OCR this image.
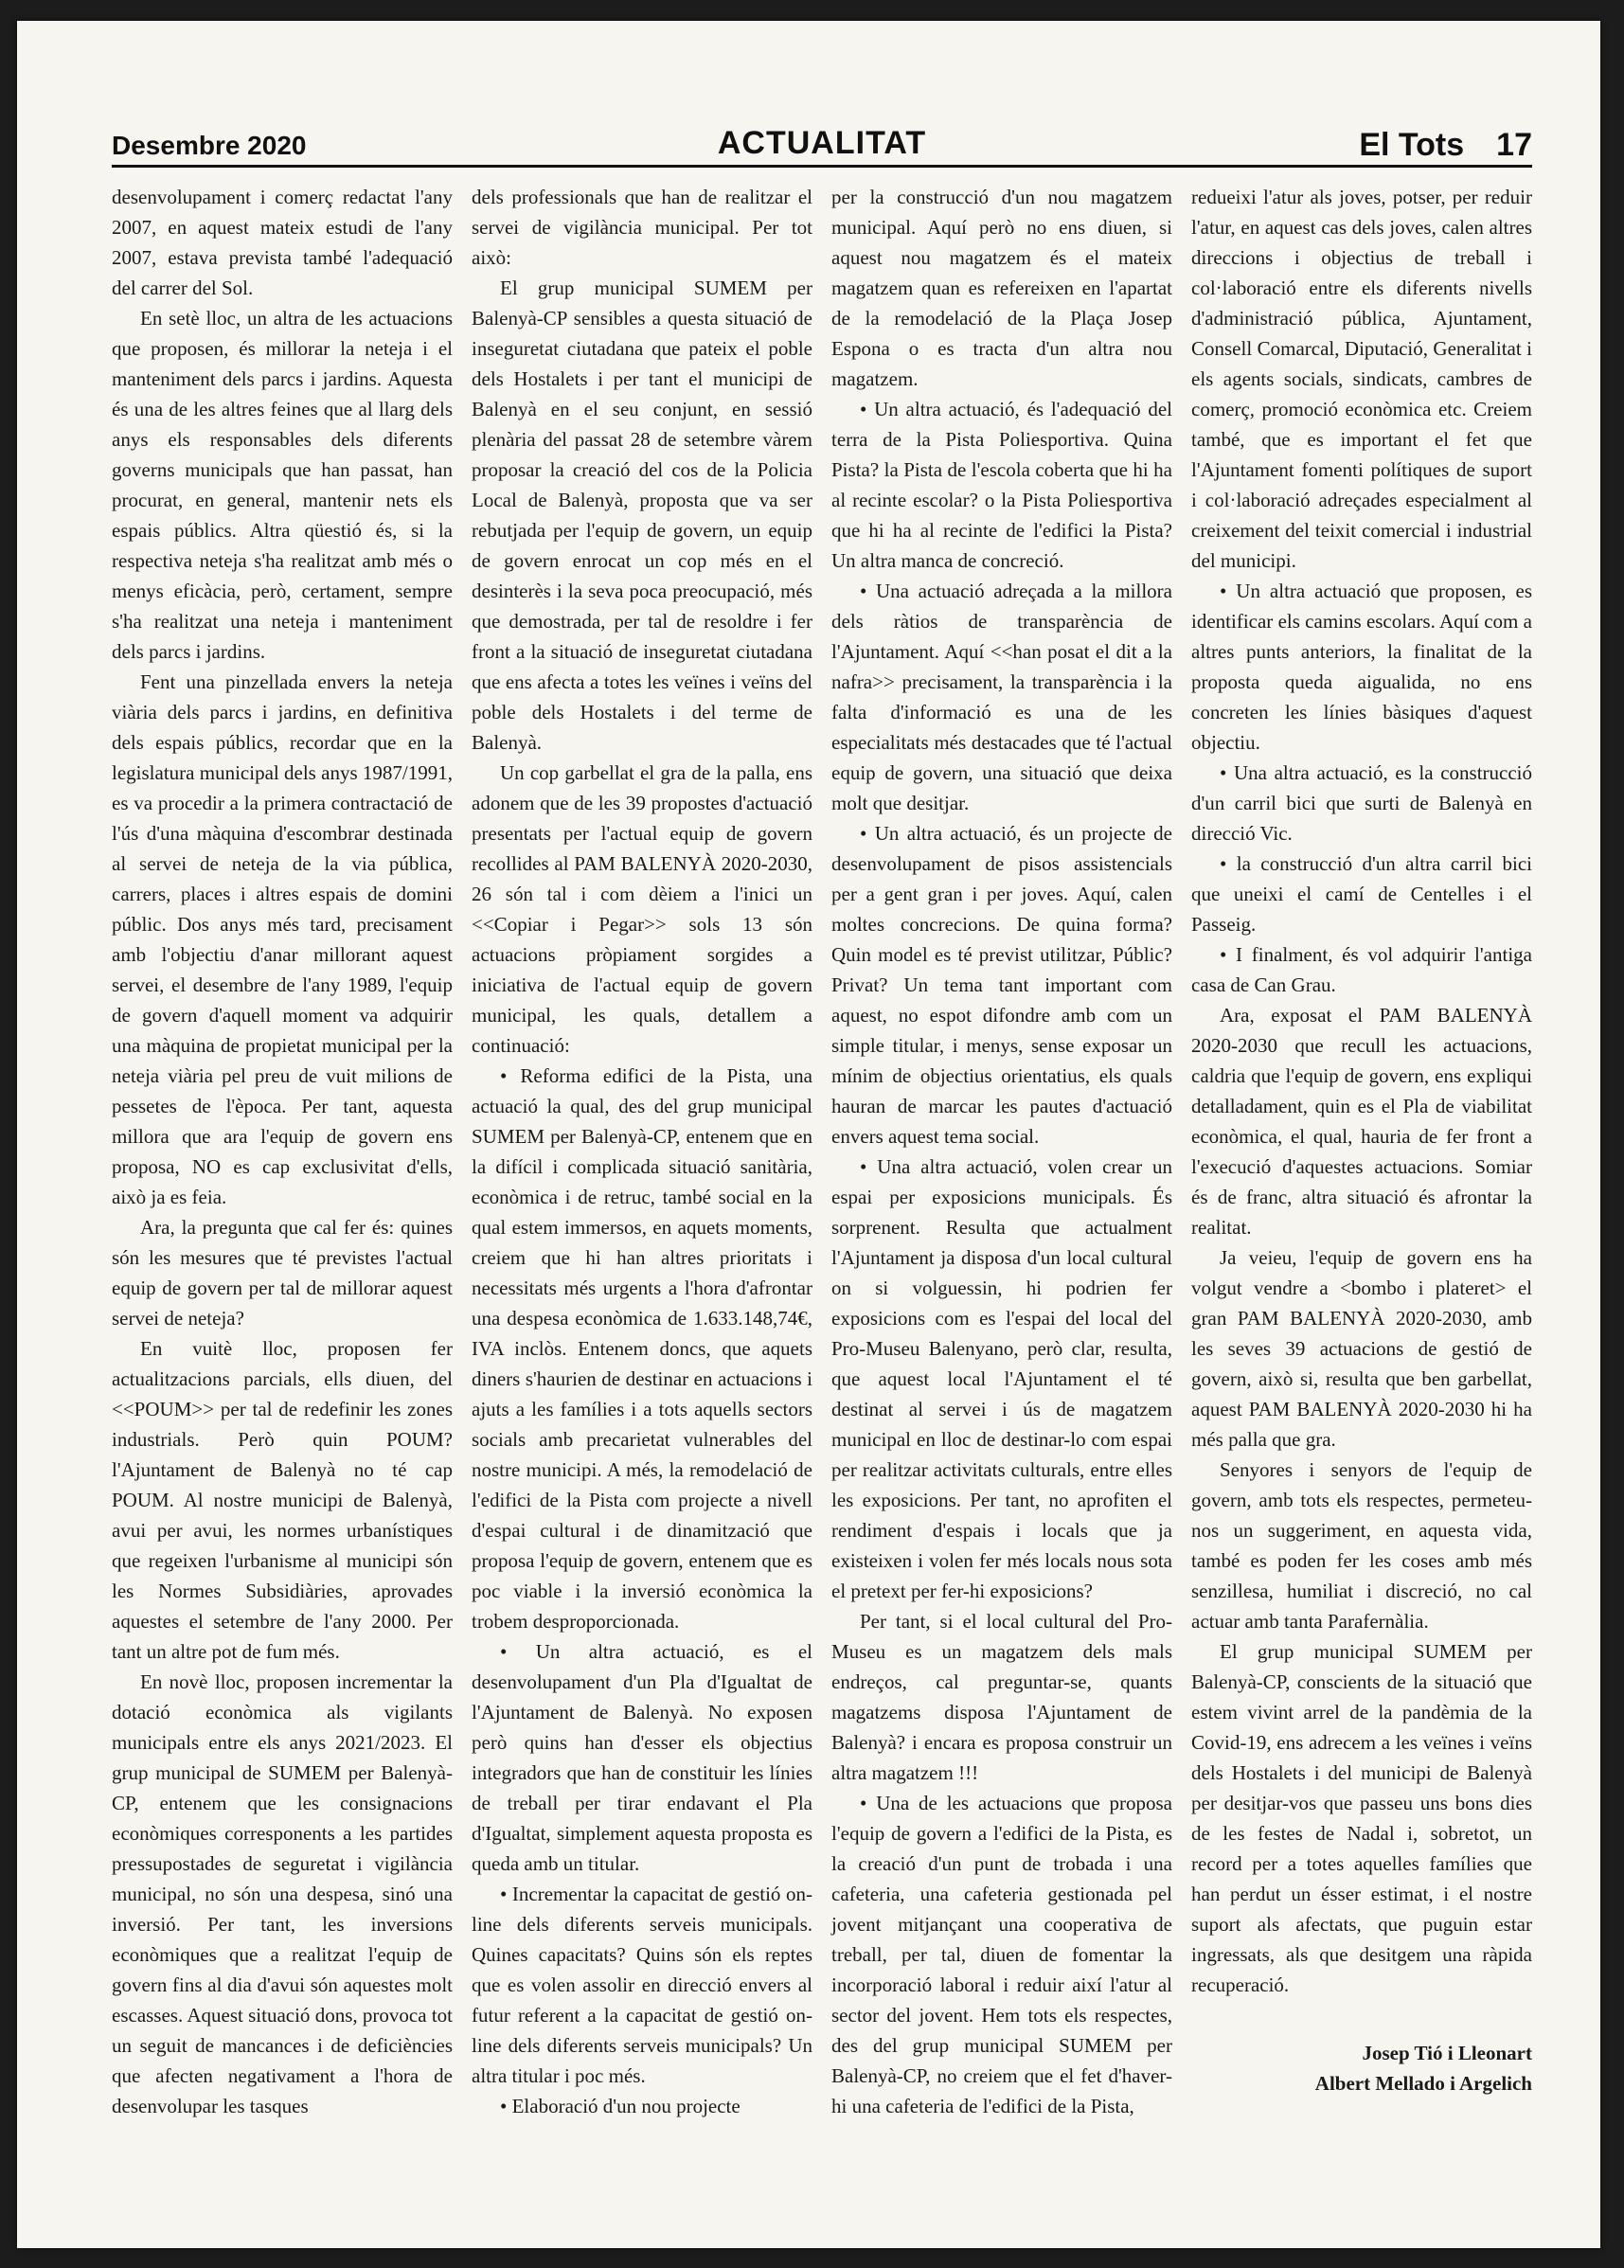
Desembre 2020	ACTUALITAT	El Tots 17

desenvolupament i comerç redactat l'any 2007, en aquest mateix estudi de l'any 2007, estava prevista també l'adequació del carrer del Sol.

En setè lloc, un altra de les actuacions que proposen, és millorar la neteja i el manteniment dels parcs i jardins. Aquesta és una de les altres feines que al llarg dels anys els responsables dels diferents governs municipals que han passat, han procurat, en general, mantenir nets els espais públics. Altra qüestió és, si la respectiva neteja s'ha realitzat amb més o menys eficàcia, però, certament, sempre s'ha realitzat una neteja i manteniment dels parcs i jardins.

Fent una pinzellada envers la neteja viària dels parcs i jardins, en definitiva dels espais públics, recordar que en la legislatura municipal dels anys 1987/1991, es va procedir a la primera contractació de l'ús d'una màquina d'escombrar destinada al servei de neteja de la via pública, carrers, places i altres espais de domini públic. Dos anys més tard, precisament amb l'objectiu d'anar millorant aquest servei, el desembre de l'any 1989, l'equip de govern d'aquell moment va adquirir una màquina de propietat municipal per la neteja viària pel preu de vuit milions de pessetes de l'època. Per tant, aquesta millora que ara l'equip de govern ens proposa, NO es cap exclusivitat d'ells, això ja es feia.

Ara, la pregunta que cal fer és: quines són les mesures que té previstes l'actual equip de govern per tal de millorar aquest servei de neteja?

En vuitè lloc, proposen fer actualitzacions parcials, ells diuen, del <<POUM>> per tal de redefinir les zones industrials. Però quin POUM? l'Ajuntament de Balenyà no té cap POUM. Al nostre municipi de Balenyà, avui per avui, les normes urbanístiques que regeixen l'urbanisme al municipi són les Normes Subsidiàries, aprovades aquestes el setembre de l'any 2000. Per tant un altre pot de fum més.

En novè lloc, proposen incrementar la dotació econòmica als vigilants municipals entre els anys 2021/2023. El grup municipal de SUMEM per Balenyà-CP, entenem que les consignacions econòmiques corresponents a les partides pressupostades de seguretat i vigilància municipal, no són una despesa, sinó una inversió. Per tant, les inversions econòmiques que a realitzat l'equip de govern fins al dia d'avui són aquestes molt escasses. Aquest situació dons, provoca tot un seguit de mancances i de deficiències que afecten negativament a l'hora de desenvolupar les tasques

dels professionals que han de realitzar el servei de vigilància municipal. Per tot això:

El grup municipal SUMEM per Balenyà-CP sensibles a questa situació de inseguretat ciutadana que pateix el poble dels Hostalets i per tant el municipi de Balenyà en el seu conjunt, en sessió plenària del passat 28 de setembre vàrem proposar la creació del cos de la Policia Local de Balenyà, proposta que va ser rebutjada per l'equip de govern, un equip de govern enrocat un cop més en el desinterès i la seva poca preocupació, més que demostrada, per tal de resoldre i fer front a la situació de inseguretat ciutadana que ens afecta a totes les veïnes i veïns del poble dels Hostalets i del terme de Balenyà.

Un cop garbellat el gra de la palla, ens adonem que de les 39 propostes d'actuació presentats per l'actual equip de govern recollides al PAM BALENYÀ 2020-2030, 26 són tal i com dèiem a l'inici un <<Copiar i Pegar>> sols 13 són actuacions pròpiament sorgides a iniciativa de l'actual equip de govern municipal, les quals, detallem a continuació:

• Reforma edifici de la Pista, una actuació la qual, des del grup municipal SUMEM per Balenyà-CP, entenem que en la difícil i complicada situació sanitària, econòmica i de retruc, també social en la qual estem immersos, en aquets moments, creiem que hi han altres prioritats i necessitats més urgents a l'hora d'afrontar una despesa econòmica de 1.633.148,74€, IVA inclòs. Entenem doncs, que aquets diners s'haurien de destinar en actuacions i ajuts a les famílies i a tots aquells sectors socials amb precarietat vulnerables del nostre municipi. A més, la remodelació de l'edifici de la Pista com projecte a nivell d'espai cultural i de dinamització que proposa l'equip de govern, entenem que es poc viable i la inversió econòmica la trobem desproporcionada.

• Un altra actuació, es el desenvolupament d'un Pla d'Igualtat de l'Ajuntament de Balenyà. No exposen però quins han d'esser els objectius integradors que han de constituir les línies de treball per tirar endavant el Pla d'Igualtat, simplement aquesta proposta es queda amb un titular.

• Incrementar la capacitat de gestió on-line dels diferents serveis municipals. Quines capacitats? Quins són els reptes que es volen assolir en direcció envers al futur referent a la capacitat de gestió on-line dels diferents serveis municipals? Un altra titular i poc més.

• Elaboració d'un nou projecte

per la construcció d'un nou magatzem municipal. Aquí però no ens diuen, si aquest nou magatzem és el mateix magatzem quan es refereixen en l'apartat de la remodelació de la Plaça Josep Espona o es tracta d'un altra nou magatzem.

• Un altra actuació, és l'adequació del terra de la Pista Poliesportiva. Quina Pista? la Pista de l'escola coberta que hi ha al recinte escolar? o la Pista Poliesportiva que hi ha al recinte de l'edifici la Pista? Un altra manca de concreció.

• Una actuació adreçada a la millora dels ràtios de transparència de l'Ajuntament. Aquí <<han posat el dit a la nafra>> precisament, la transparència i la falta d'informació es una de les especialitats més destacades que té l'actual equip de govern, una situació que deixa molt que desitjar.

• Un altra actuació, és un projecte de desenvolupament de pisos assistencials per a gent gran i per joves. Aquí, calen moltes concrecions. De quina forma? Quin model es té previst utilitzar, Públic? Privat? Un tema tant important com aquest, no espot difondre amb com un simple titular, i menys, sense exposar un mínim de objectius orientatius, els quals hauran de marcar les pautes d'actuació envers aquest tema social.

• Una altra actuació, volen crear un espai per exposicions municipals. És sorprenent. Resulta que actualment l'Ajuntament ja disposa d'un local cultural on si volguessin, hi podrien fer exposicions com es l'espai del local del Pro-Museu Balenyano, però clar, resulta, que aquest local l'Ajuntament el té destinat al servei i ús de magatzem municipal en lloc de destinar-lo com espai per realitzar activitats culturals, entre elles les exposicions. Per tant, no aprofiten el rendiment d'espais i locals que ja existeixen i volen fer més locals nous sota el pretext per fer-hi exposicions?

Per tant, si el local cultural del Pro-Museu es un magatzem dels mals endreços, cal preguntar-se, quants magatzems disposa l'Ajuntament de Balenyà? i encara es proposa construir un altra magatzem !!!

• Una de les actuacions que proposa l'equip de govern a l'edifici de la Pista, es la creació d'un punt de trobada i una cafeteria, una cafeteria gestionada pel jovent mitjançant una cooperativa de treball, per tal, diuen de fomentar la incorporació laboral i reduir així l'atur al sector del jovent. Hem tots els respectes, des del grup municipal SUMEM per Balenyà-CP, no creiem que el fet d'haver-hi una cafeteria de l'edifici de la Pista,

redueixi l'atur als joves, potser, per reduir l'atur, en aquest cas dels joves, calen altres direccions i objectius de treball i col·laboració entre els diferents nivells d'administració pública, Ajuntament, Consell Comarcal, Diputació, Generalitat i els agents socials, sindicats, cambres de comerç, promoció econòmica etc. Creiem també, que es important el fet que l'Ajuntament fomenti polítiques de suport i col·laboració adreçades especialment al creixement del teixit comercial i industrial del municipi.

• Un altra actuació que proposen, es identificar els camins escolars. Aquí com a altres punts anteriors, la finalitat de la proposta queda aigualida, no ens concreten les línies bàsiques d'aquest objectiu.

• Una altra actuació, es la construcció d'un carril bici que surti de Balenyà en direcció Vic.

• la construcció d'un altra carril bici que uneixi el camí de Centelles i el Passeig.

• I finalment, és vol adquirir l'antiga casa de Can Grau.

Ara, exposat el PAM BALENYÀ 2020-2030 que recull les actuacions, caldria que l'equip de govern, ens expliqui detalladament, quin es el Pla de viabilitat econòmica, el qual, hauria de fer front a l'execució d'aquestes actuacions. Somiar és de franc, altra situació és afrontar la realitat.

Ja veieu, l'equip de govern ens ha volgut vendre a <bombo i plateret> el gran PAM BALENYÀ 2020-2030, amb les seves 39 actuacions de gestió de govern, això si, resulta que ben garbellat, aquest PAM BALENYÀ 2020-2030 hi ha més palla que gra.

Senyores i senyors de l'equip de govern, amb tots els respectes, permeteu-nos un suggeriment, en aquesta vida, també es poden fer les coses amb més senzillesa, humiliat i discreció, no cal actuar amb tanta Parafernàlia.

El grup municipal SUMEM per Balenyà-CP, conscients de la situació que estem vivint arrel de la pandèmia de la Covid-19, ens adrecem a les veïnes i veïns dels Hostalets i del municipi de Balenyà per desitjar-vos que passeu uns bons dies de les festes de Nadal i, sobretot, un record per a totes aquelles famílies que han perdut un ésser estimat, i el nostre suport als afectats, que puguin estar ingressats, als que desitgem una ràpida recuperació.

Josep Tió i Lleonart
Albert Mellado i Argelich
